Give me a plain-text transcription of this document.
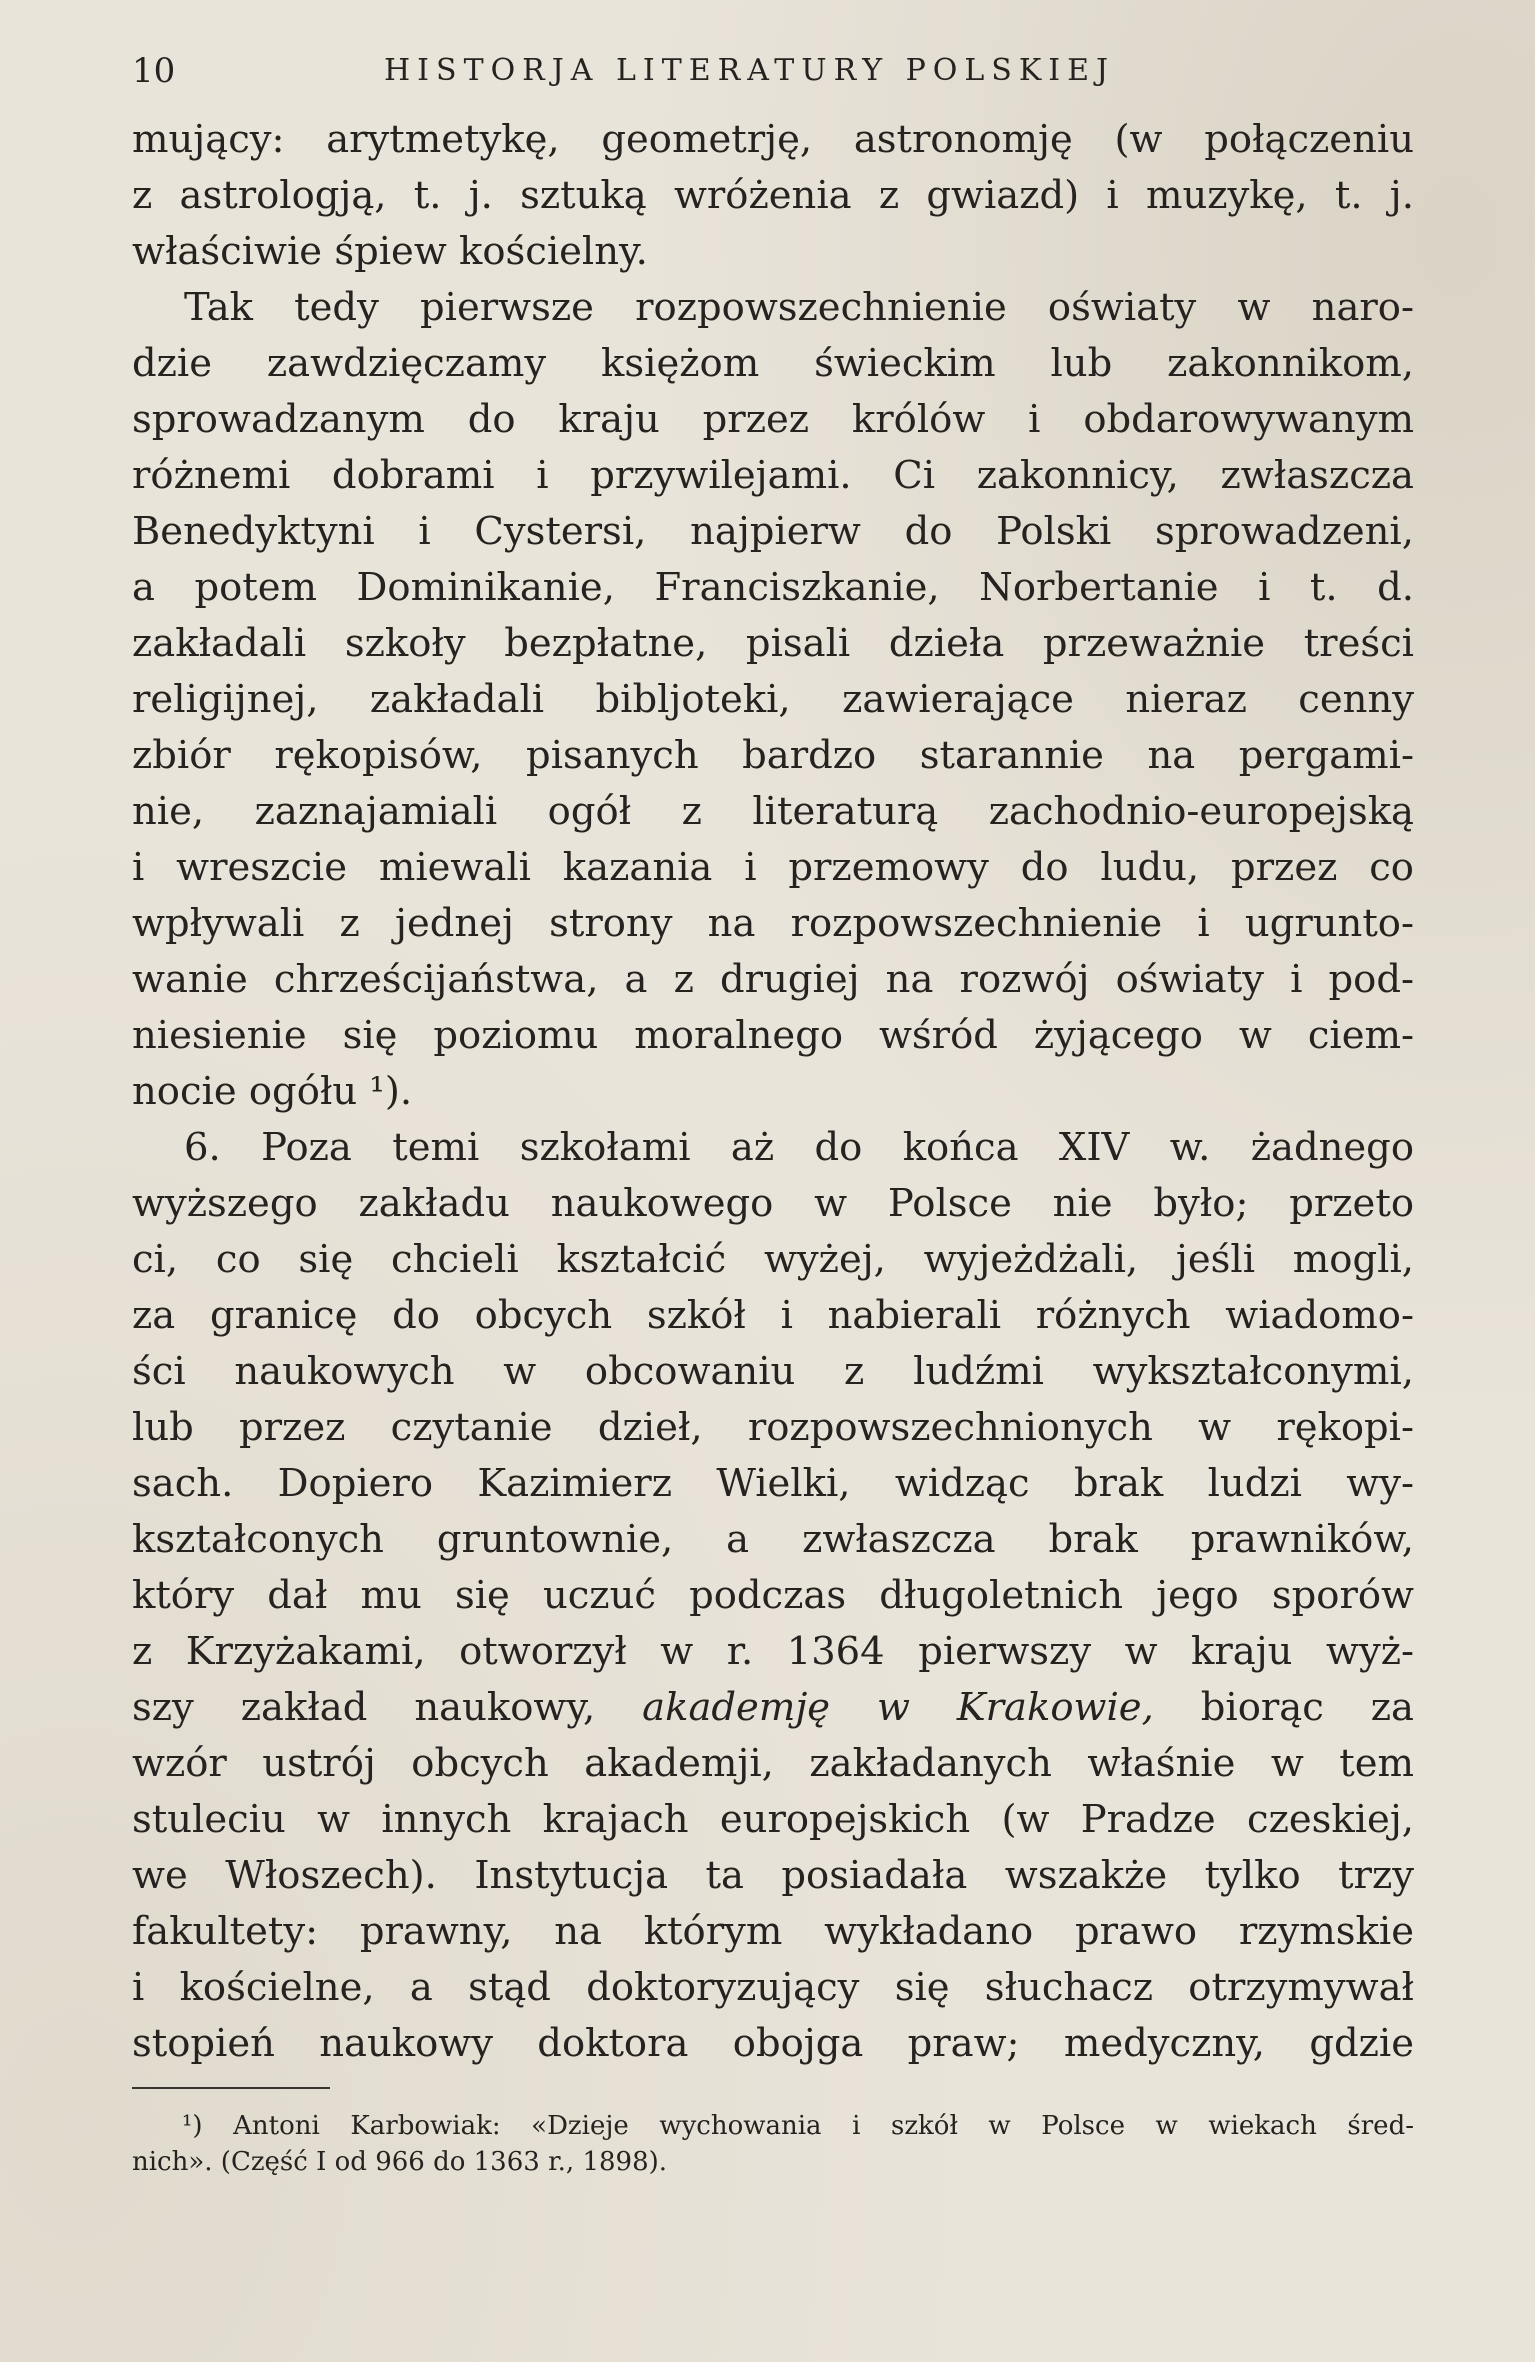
10	HISTORJA LITERATURY POLSKIEJ
mujący: arytmetykę, geometrję, astronomję (w połączeniu
z astrologją, t. j. sztuką wróżenia z gwiazd) i muzykę, t. j.
właściwie śpiew kościelny.
Tak tedy pierwsze rozpowszechnienie oświaty w naro-
dzie zawdzięczamy księżom świeckim lub zakonnikom,
sprowadzanym do kraju przez królów i obdarowywanym
różnemi dobrami i przywilejami. Ci zakonnicy, zwłaszcza
Benedyktyni i Cystersi, najpierw do Polski sprowadzeni,
a potem Dominikanie, Franciszkanie, Norbertanie i t. d.
zakładali szkoły bezpłatne, pisali dzieła przeważnie treści
religijnej, zakładali bibljoteki, zawierające nieraz cenny
zbiór rękopisów, pisanych bardzo starannie na pergami-
nie, zaznajamiali ogół z literaturą zachodnio-europejską
i wreszcie miewali kazania i przemowy do ludu, przez co
wpływali z jednej strony na rozpowszechnienie i ugrunto-
wanie chrześcijaństwa, a z drugiej na rozwój oświaty i pod-
niesienie się poziomu moralnego wśród żyjącego w ciem-
nocie ogółu ¹).
6. Poza temi szkołami aż do końca XIV w. żadnego
wyższego zakładu naukowego w Polsce nie było; przeto
ci, co się chcieli kształcić wyżej, wyjeżdżali, jeśli mogli,
za granicę do obcych szkół i nabierali różnych wiadomo-
ści naukowych w obcowaniu z ludźmi wykształconymi,
lub przez czytanie dzieł, rozpowszechnionych w rękopi-
sach. Dopiero Kazimierz Wielki, widząc brak ludzi wy-
kształconych gruntownie, a zwłaszcza brak prawników,
który dał mu się uczuć podczas długoletnich jego sporów
z Krzyżakami, otworzył w r. 1364 pierwszy w kraju wyż-
szy zakład naukowy, akademję w Krakowie, biorąc za
wzór ustrój obcych akademji, zakładanych właśnie w tem
stuleciu w innych krajach europejskich (w Pradze czeskiej,
we Włoszech). Instytucja ta posiadała wszakże tylko trzy
fakultety: prawny, na którym wykładano prawo rzymskie
i kościelne, a stąd doktoryzujący się słuchacz otrzymywał
stopień naukowy doktora obojga praw; medyczny, gdzie
¹) Antoni Karbowiak: «Dzieje wychowania i szkół w Polsce w wiekach śred-
nich». (Część I od 966 do 1363 r., 1898).
